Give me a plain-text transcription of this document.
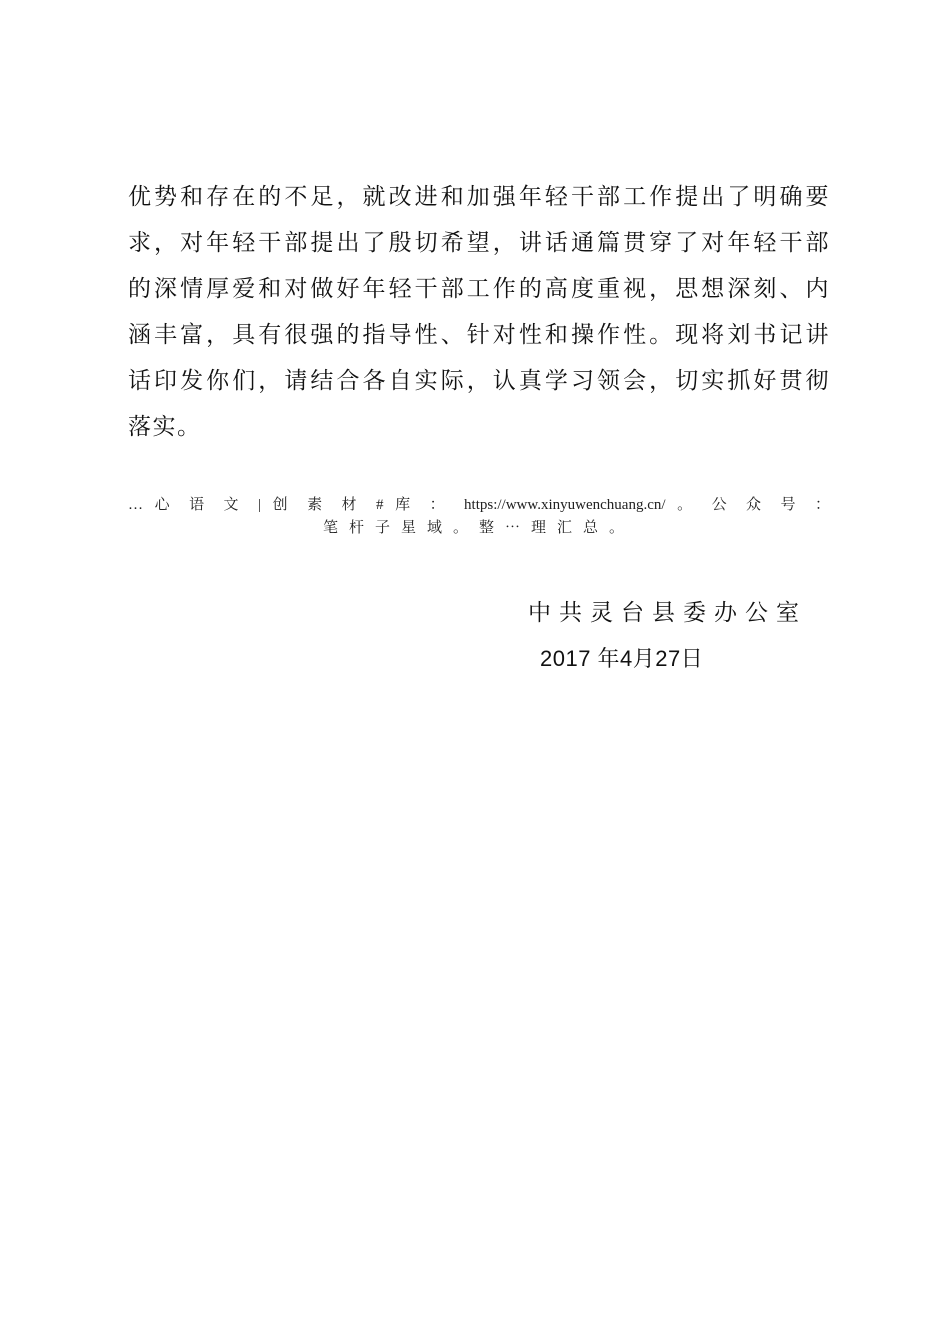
优势和存在的不足，就改进和加强年轻干部工作提出了明确要
求，对年轻干部提出了殷切希望，讲话通篇贯穿了对年轻干部
的深情厚爱和对做好年轻干部工作的高度重视，思想深刻、内
涵丰富，具有很强的指导性、针对性和操作性。现将刘书记讲
话印发你们，请结合各自实际，认真学习领会，切实抓好贯彻
落实。
… 心 语 文 | 创 素 材 # 库 ： https://www.xinyuwenchuang.cn/ 。 公 众 号 ：
笔杆子星域。整⋯理汇总。
中共灵台县委办公室
2017 年4月27日
